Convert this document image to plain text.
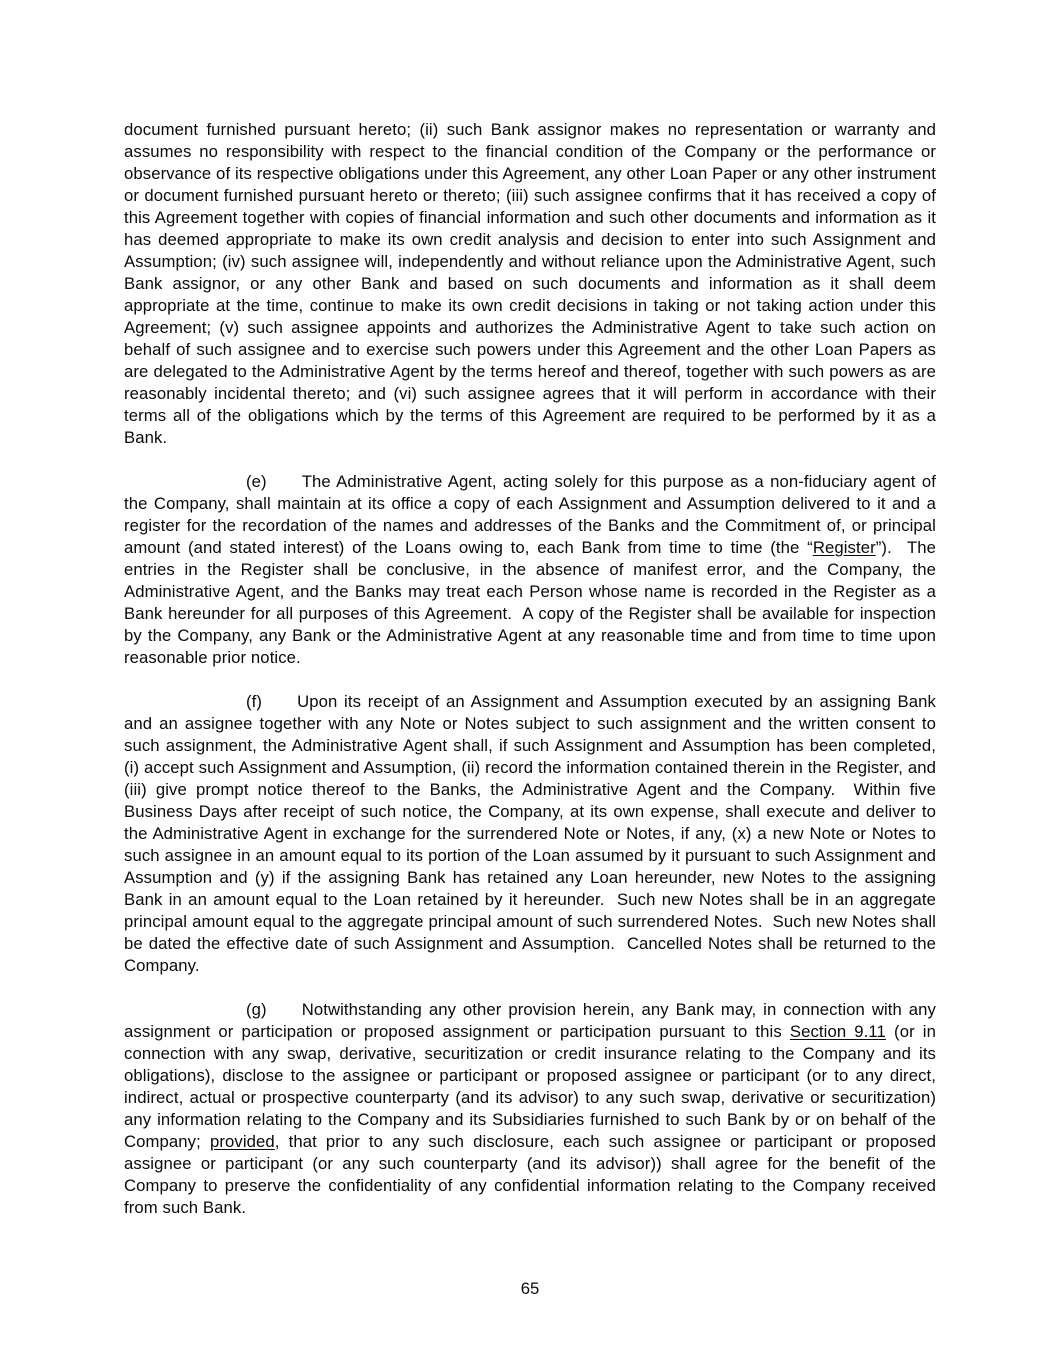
document furnished pursuant hereto; (ii) such Bank assignor makes no representation or warranty and assumes no responsibility with respect to the financial condition of the Company or the performance or observance of its respective obligations under this Agreement, any other Loan Paper or any other instrument or document furnished pursuant hereto or thereto; (iii) such assignee confirms that it has received a copy of this Agreement together with copies of financial information and such other documents and information as it has deemed appropriate to make its own credit analysis and decision to enter into such Assignment and Assumption; (iv) such assignee will, independently and without reliance upon the Administrative Agent, such Bank assignor, or any other Bank and based on such documents and information as it shall deem appropriate at the time, continue to make its own credit decisions in taking or not taking action under this Agreement; (v) such assignee appoints and authorizes the Administrative Agent to take such action on behalf of such assignee and to exercise such powers under this Agreement and the other Loan Papers as are delegated to the Administrative Agent by the terms hereof and thereof, together with such powers as are reasonably incidental thereto; and (vi) such assignee agrees that it will perform in accordance with their terms all of the obligations which by the terms of this Agreement are required to be performed by it as a Bank.

(e) The Administrative Agent, acting solely for this purpose as a non-fiduciary agent of the Company, shall maintain at its office a copy of each Assignment and Assumption delivered to it and a register for the recordation of the names and addresses of the Banks and the Commitment of, or principal amount (and stated interest) of the Loans owing to, each Bank from time to time (the “Register”).  The entries in the Register shall be conclusive, in the absence of manifest error, and the Company, the Administrative Agent, and the Banks may treat each Person whose name is recorded in the Register as a Bank hereunder for all purposes of this Agreement.  A copy of the Register shall be available for inspection by the Company, any Bank or the Administrative Agent at any reasonable time and from time to time upon reasonable prior notice.

(f) Upon its receipt of an Assignment and Assumption executed by an assigning Bank and an assignee together with any Note or Notes subject to such assignment and the written consent to such assignment, the Administrative Agent shall, if such Assignment and Assumption has been completed, (i) accept such Assignment and Assumption, (ii) record the information contained therein in the Register, and (iii) give prompt notice thereof to the Banks, the Administrative Agent and the Company.  Within five Business Days after receipt of such notice, the Company, at its own expense, shall execute and deliver to the Administrative Agent in exchange for the surrendered Note or Notes, if any, (x) a new Note or Notes to such assignee in an amount equal to its portion of the Loan assumed by it pursuant to such Assignment and Assumption and (y) if the assigning Bank has retained any Loan hereunder, new Notes to the assigning Bank in an amount equal to the Loan retained by it hereunder.  Such new Notes shall be in an aggregate principal amount equal to the aggregate principal amount of such surrendered Notes.  Such new Notes shall be dated the effective date of such Assignment and Assumption.  Cancelled Notes shall be returned to the Company.

(g) Notwithstanding any other provision herein, any Bank may, in connection with any assignment or participation or proposed assignment or participation pursuant to this Section 9.11 (or in connection with any swap, derivative, securitization or credit insurance relating to the Company and its obligations), disclose to the assignee or participant or proposed assignee or participant (or to any direct, indirect, actual or prospective counterparty (and its advisor) to any such swap, derivative or securitization) any information relating to the Company and its Subsidiaries furnished to such Bank by or on behalf of the Company; provided, that prior to any such disclosure, each such assignee or participant or proposed assignee or participant (or any such counterparty (and its advisor)) shall agree for the benefit of the Company to preserve the confidentiality of any confidential information relating to the Company received from such Bank.

65
